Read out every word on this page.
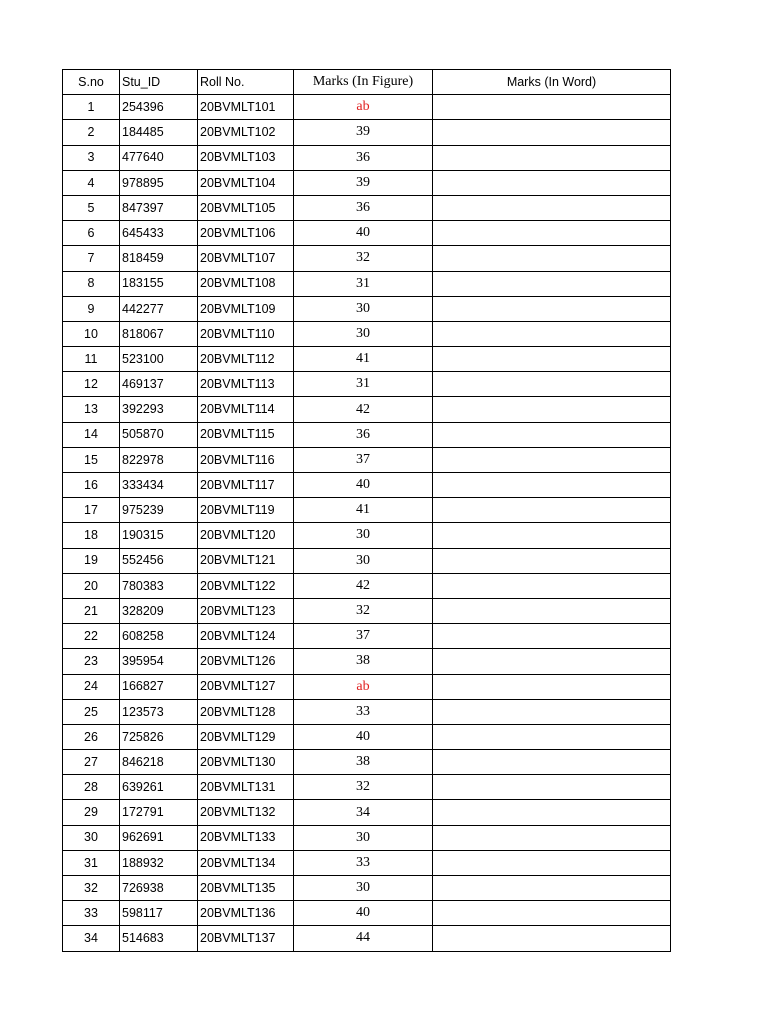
S.no	Stu_ID	Roll No.	Marks (In Figure)	Marks (In Word)
1	254396	20BVMLT101	ab	
2	184485	20BVMLT102	39	
3	477640	20BVMLT103	36	
4	978895	20BVMLT104	39	
5	847397	20BVMLT105	36	
6	645433	20BVMLT106	40	
7	818459	20BVMLT107	32	
8	183155	20BVMLT108	31	
9	442277	20BVMLT109	30	
10	818067	20BVMLT110	30	
11	523100	20BVMLT112	41	
12	469137	20BVMLT113	31	
13	392293	20BVMLT114	42	
14	505870	20BVMLT115	36	
15	822978	20BVMLT116	37	
16	333434	20BVMLT117	40	
17	975239	20BVMLT119	41	
18	190315	20BVMLT120	30	
19	552456	20BVMLT121	30	
20	780383	20BVMLT122	42	
21	328209	20BVMLT123	32	
22	608258	20BVMLT124	37	
23	395954	20BVMLT126	38	
24	166827	20BVMLT127	ab	
25	123573	20BVMLT128	33	
26	725826	20BVMLT129	40	
27	846218	20BVMLT130	38	
28	639261	20BVMLT131	32	
29	172791	20BVMLT132	34	
30	962691	20BVMLT133	30	
31	188932	20BVMLT134	33	
32	726938	20BVMLT135	30	
33	598117	20BVMLT136	40	
34	514683	20BVMLT137	44	
